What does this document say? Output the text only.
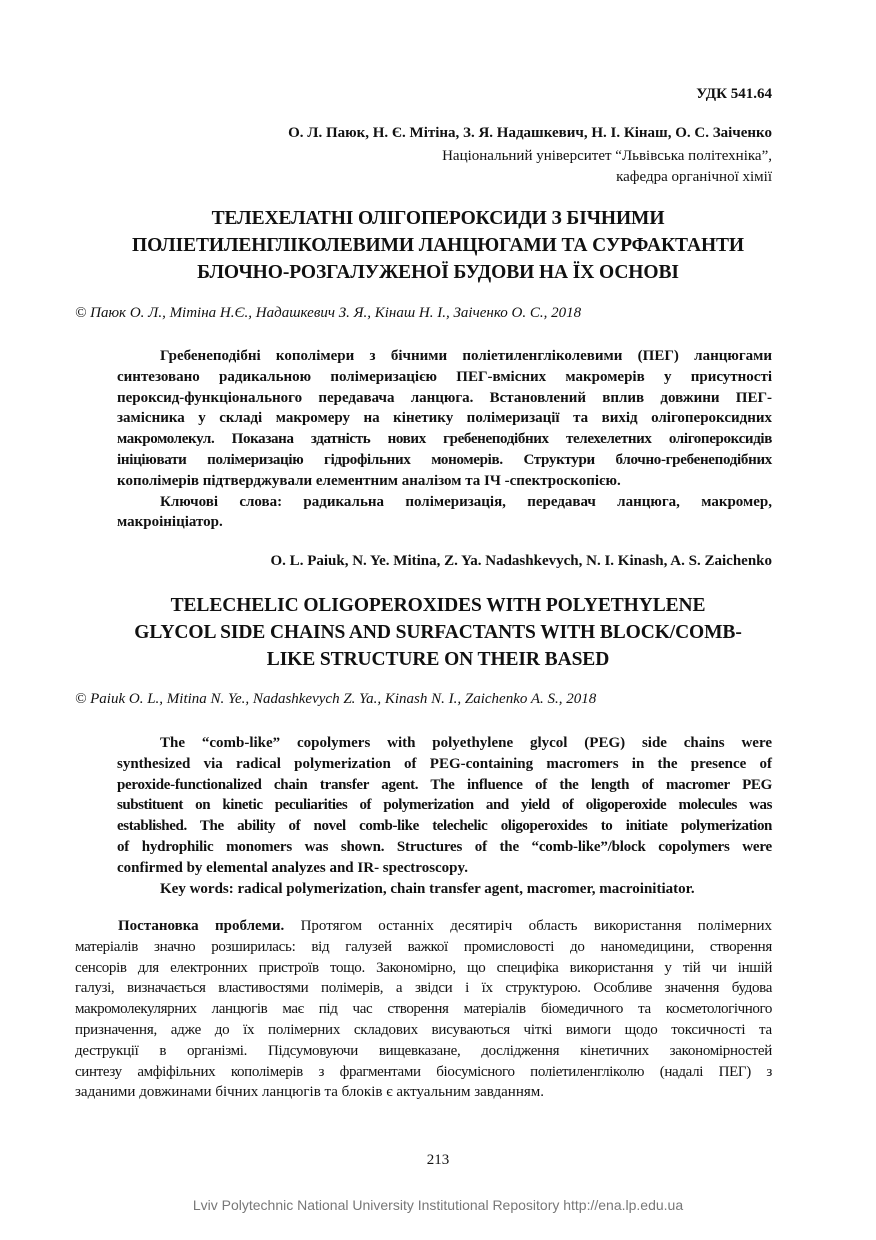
УДК 541.64
О. Л. Паюк, Н. Є. Мітіна, З. Я. Надашкевич, Н. І. Кінаш, О. С. Заіченко
Національний університет “Львівська політехніка”,
кафедра органічної хімії
ТЕЛЕХЕЛАТНІ ОЛІГОПЕРОКСИДИ З БІЧНИМИ
ПОЛІЕТИЛЕНГЛІКОЛЕВИМИ ЛАНЦЮГАМИ ТА СУРФАКТАНТИ
БЛОЧНО-РОЗГАЛУЖЕНОЇ БУДОВИ НА ЇХ ОСНОВІ
© Паюк О. Л., Мітіна Н.Є., Надашкевич З. Я., Кінаш Н. І., Заіченко О. С., 2018
Гребенеподібні кополімери з бічними поліетиленгліколевими (ПЕГ) ланцюгами
синтезовано радикальною полімеризацією ПЕГ-вмісних макромерів у присутності
пероксид-функціонального передавача ланцюга. Встановлений вплив довжини ПЕГ-
замісника у складі макромеру на кінетику полімеризації та вихід олігопероксидних
макромолекул. Показана здатність нових гребенеподібних телехелетних олігопероксидів
ініціювати полімеризацію гідрофільних мономерів. Структури блочно-гребенеподібних
кополімерів підтверджували елементним аналізом та ІЧ -спектроскопією.
Ключові слова: радикальна полімеризація, передавач ланцюга, макромер,
макроініціатор.
O. L. Paiuk, N. Ye. Mitina, Z. Ya. Nadashkevych, N. I. Kinash, A. S. Zaichenko
TELECHELIC OLIGOPEROXIDES WITH POLYETHYLENE
GLYCOL SIDE CHAINS AND SURFACTANTS WITH BLOCK/COMB-
LIKE STRUCTURE ON THEIR BASED
© Paiuk O. L., Mitina N. Ye., Nadashkevych Z. Ya., Kinash N. I., Zaichenko A. S., 2018
The “comb-like” copolymers with polyethylene glycol (PEG) side chains were
synthesized via radical polymerization of PEG-containing macromers in the presence of
peroxide-functionalized chain transfer agent. The influence of the length of macromer PEG
substituent on kinetic peculiarities of polymerization and yield of oligoperoxide molecules was
established. The ability of novel comb-like telechelic oligoperoxides to initiate polymerization
of hydrophilic monomers was shown. Structures of the “comb-like”/block copolymers were
confirmed by elemental analyzes and IR- spectroscopy.
Key words: radical polymerization, chain transfer agent, macromer, macroinitiator.
Постановка проблеми. Протягом останніх десятиріч область використання полімерних
матеріалів значно розширилась: від галузей важкої промисловості до наномедицини, створення
сенсорів для електронних пристроїв тощо. Закономірно, що специфіка використання у тій чи іншій
галузі, визначається властивостями полімерів, а звідси і їх структурою. Особливе значення будова
макромолекулярних ланцюгів має під час створення матеріалів біомедичного та косметологічного
призначення, адже до їх полімерних складових висуваються чіткі вимоги щодо токсичності та
деструкції в організмі. Підсумовуючи вищевказане, дослідження кінетичних закономірностей
синтезу амфіфільних кополімерів з фрагментами біосумісного поліетиленгліколю (надалі ПЕГ) з
заданими довжинами бічних ланцюгів та блоків є актуальним завданням.
213
Lviv Polytechnic National University Institutional Repository http://ena.lp.edu.ua
